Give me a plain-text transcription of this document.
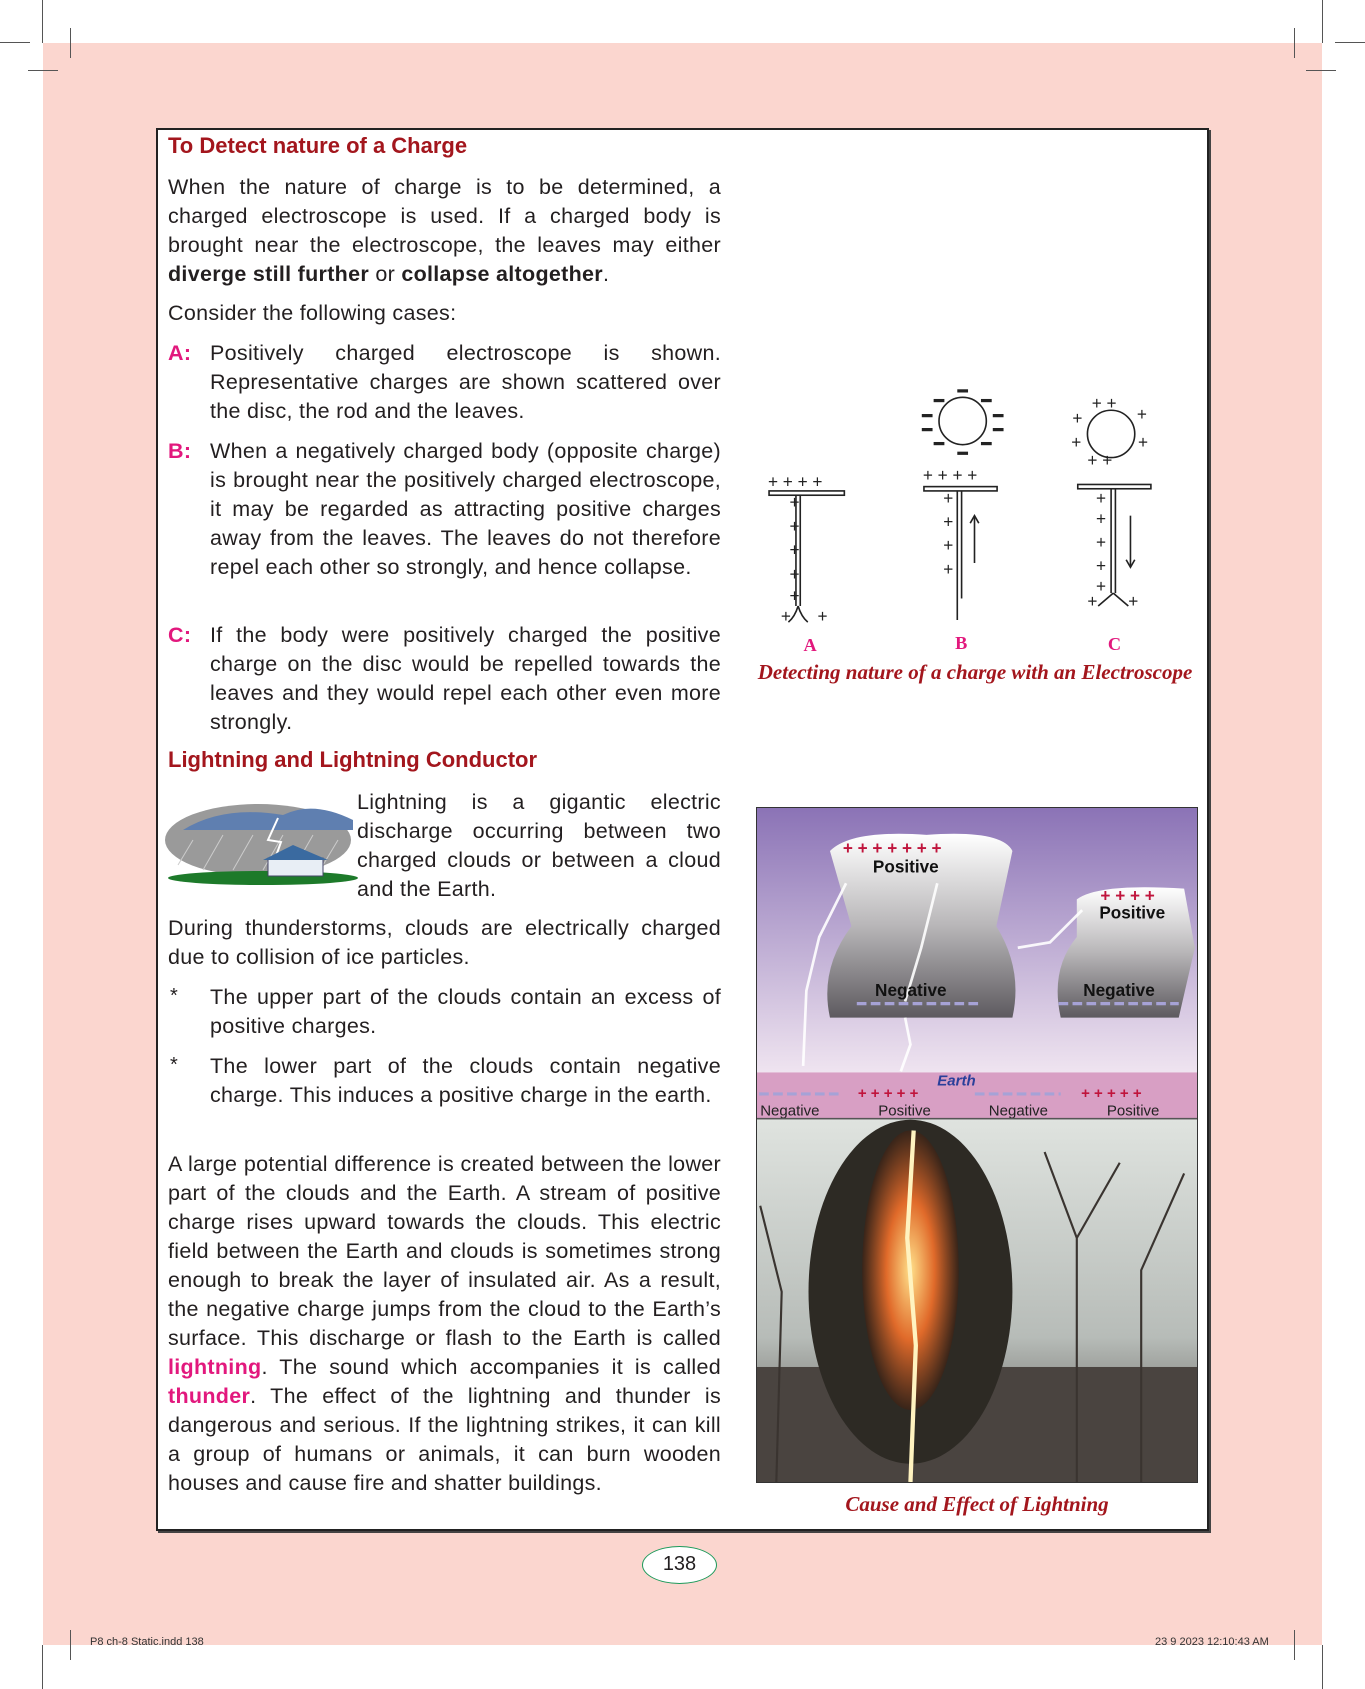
To Detect nature of a Charge
When the nature of charge is to be determined, a charged electroscope is used. If a charged body is brought near the electroscope, the leaves may either diverge still further or collapse altogether.
Consider the following cases:
A: Positively charged electroscope is shown. Representative charges are shown scattered over the disc, the rod and the leaves.
B: When a negatively charged body (opposite charge) is brought near the positively charged electroscope, it may be regarded as attracting positive charges away from the leaves. The leaves do not therefore repel each other so strongly, and hence collapse.
C: If the body were positively charged the positive charge on the disc would be repelled towards the leaves and they would repel each other even more strongly.
Lightning and Lightning Conductor
Lightning is a gigantic electric discharge occurring between two charged clouds or between a cloud and the Earth.
During thunderstorms, clouds are electrically charged due to collision of ice particles.
*	The upper part of the clouds contain an excess of positive charges.
*	The lower part of the clouds contain negative charge. This induces a positive charge in the earth.
A large potential difference is created between the lower part of the clouds and the Earth. A stream of positive charge rises upward towards the clouds. This electric field between the Earth and clouds is sometimes strong enough to break the layer of insulated air. As a result, the negative charge jumps from the cloud to the Earth’s surface. This discharge or flash to the Earth is called lightning. The sound which accompanies it is called thunder. The effect of the lightning and thunder is dangerous and serious. If the lightning strikes, it can kill a group of humans or animals, it can burn wooden houses and cause fire and shatter buildings.
+ + + +
+
+
+
+
+
+ +
+ + + +
+
+
+
+
+
+
+
+
+
+ +
+ +
+	+
+	+
+ +
A	B	C
Detecting nature of a charge with an Electroscope
+ + + + + + +
+ + + +
Positive
Positive
Negative	Negative
Earth
+ + + + +	+ + + + +
Negative	Positive	Negative	Positive
Cause and Effect of Lightning
138
P8 ch-8 Static.indd 138	23 9 2023 12:10:43 AM
